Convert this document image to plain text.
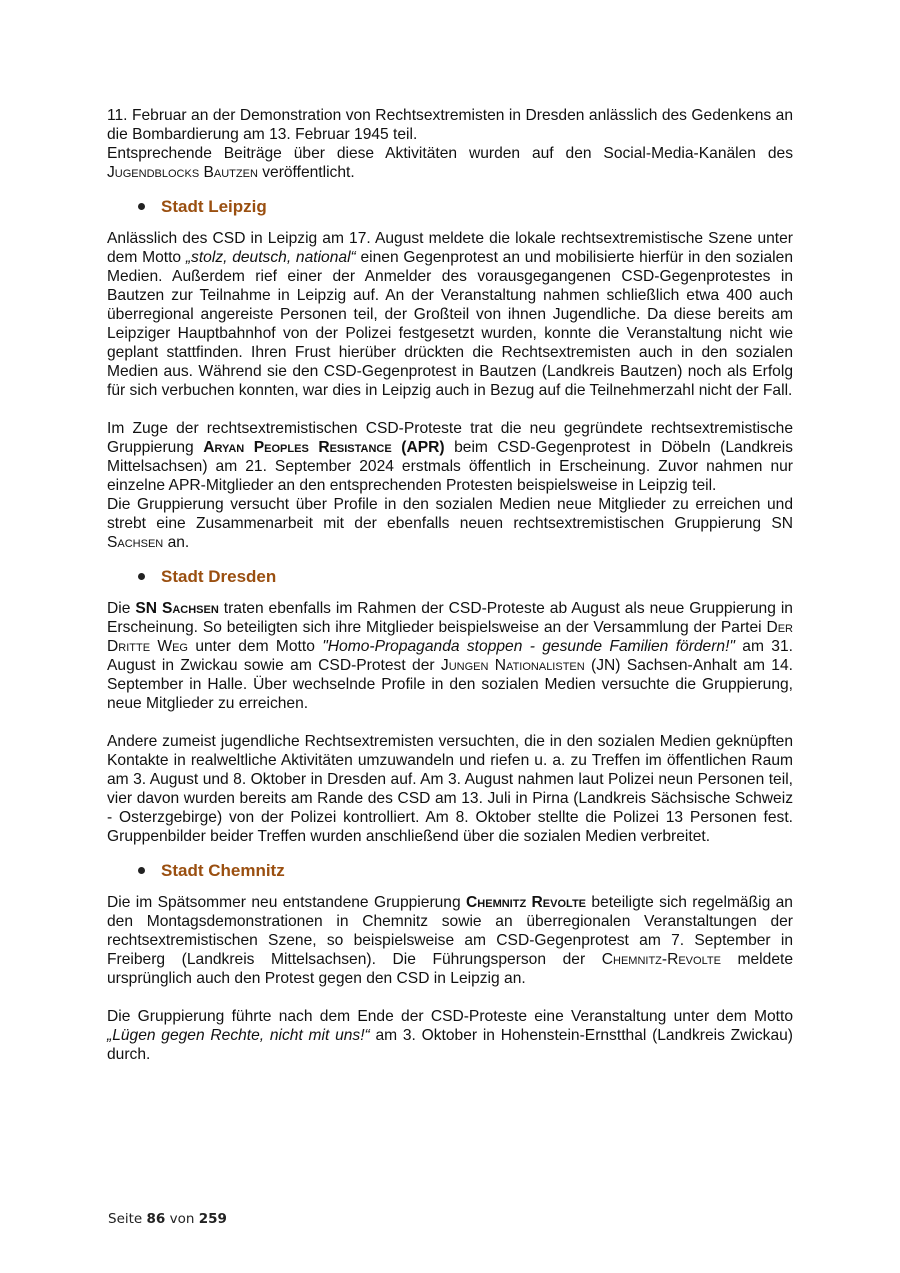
11. Februar an der Demonstration von Rechtsextremisten in Dresden anlässlich des Gedenkens an die Bombardierung am 13. Februar 1945 teil.

Entsprechende Beiträge über diese Aktivitäten wurden auf den Social-Media-Kanälen des Jugendblocks Bautzen veröffentlicht.

Stadt Leipzig

Anlässlich des CSD in Leipzig am 17. August meldete die lokale rechtsextremistische Szene unter dem Motto „stolz, deutsch, national“ einen Gegenprotest an und mobilisierte hierfür in den sozialen Medien. Außerdem rief einer der Anmelder des vorausgegangenen CSD-Gegenprotestes in Bautzen zur Teilnahme in Leipzig auf. An der Veranstaltung nahmen schließlich etwa 400 auch überregional angereiste Personen teil, der Großteil von ihnen Jugendliche. Da diese bereits am Leipziger Hauptbahnhof von der Polizei festgesetzt wurden, konnte die Veranstaltung nicht wie geplant stattfinden. Ihren Frust hierüber drückten die Rechtsextremisten auch in den sozialen Medien aus. Während sie den CSD-Gegenprotest in Bautzen (Landkreis Bautzen) noch als Erfolg für sich verbuchen konnten, war dies in Leipzig auch in Bezug auf die Teilnehmerzahl nicht der Fall.

Im Zuge der rechtsextremistischen CSD-Proteste trat die neu gegründete rechtsextremistische Gruppierung Aryan Peoples Resistance (APR) beim CSD-Gegenprotest in Döbeln (Landkreis Mittelsachsen) am 21. September 2024 erstmals öffentlich in Erscheinung. Zuvor nahmen nur einzelne APR-Mitglieder an den entsprechenden Protesten beispielsweise in Leipzig teil.

Die Gruppierung versucht über Profile in den sozialen Medien neue Mitglieder zu erreichen und strebt eine Zusammenarbeit mit der ebenfalls neuen rechtsextremistischen Gruppierung SN Sachsen an.

Stadt Dresden

Die SN Sachsen traten ebenfalls im Rahmen der CSD-Proteste ab August als neue Gruppierung in Erscheinung. So beteiligten sich ihre Mitglieder beispielsweise an der Versammlung der Partei Der Dritte Weg unter dem Motto "Homo-Propaganda stoppen - gesunde Familien fördern!" am 31. August in Zwickau sowie am CSD-Protest der Jungen Nationalisten (JN) Sachsen-Anhalt am 14. September in Halle. Über wechselnde Profile in den sozialen Medien versuchte die Gruppierung, neue Mitglieder zu erreichen.

Andere zumeist jugendliche Rechtsextremisten versuchten, die in den sozialen Medien geknüpften Kontakte in realweltliche Aktivitäten umzuwandeln und riefen u. a. zu Treffen im öffentlichen Raum am 3. August und 8. Oktober in Dresden auf. Am 3. August nahmen laut Polizei neun Personen teil, vier davon wurden bereits am Rande des CSD am 13. Juli in Pirna (Landkreis Sächsische Schweiz - Osterzgebirge) von der Polizei kontrolliert. Am 8. Oktober stellte die Polizei 13 Personen fest. Gruppenbilder beider Treffen wurden anschließend über die sozialen Medien verbreitet.

Stadt Chemnitz

Die im Spätsommer neu entstandene Gruppierung Chemnitz Revolte beteiligte sich regelmäßig an den Montagsdemonstrationen in Chemnitz sowie an überregionalen Veranstaltungen der rechtsextremistischen Szene, so beispielsweise am CSD-Gegenprotest am 7. September in Freiberg (Landkreis Mittelsachsen). Die Führungsperson der Chemnitz-Revolte meldete ursprünglich auch den Protest gegen den CSD in Leipzig an.

Die Gruppierung führte nach dem Ende der CSD-Proteste eine Veranstaltung unter dem Motto „Lügen gegen Rechte, nicht mit uns!“ am 3. Oktober in Hohenstein-Ernstthal (Landkreis Zwickau) durch.

Seite 86 von 259
